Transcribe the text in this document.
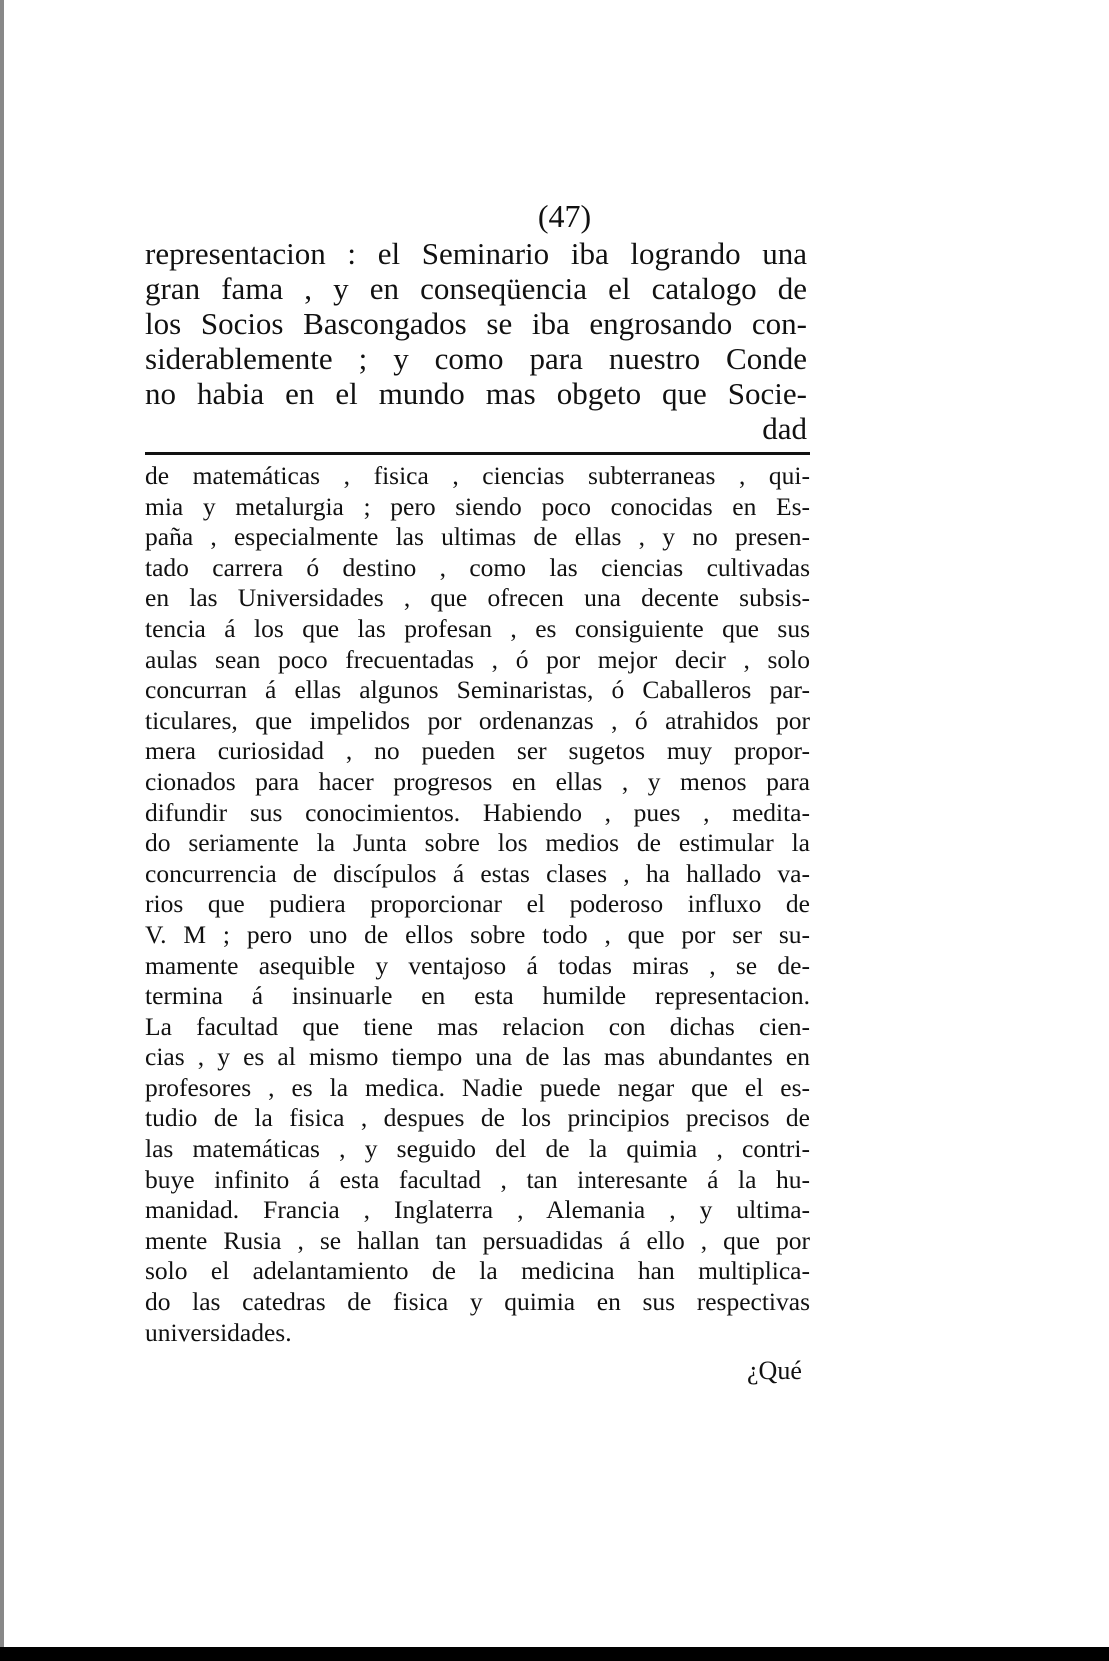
(47)
representacion : el Seminario iba logrando una
gran fama , y en conseqüencia el catalogo de
los Socios Bascongados se iba engrosando con-
siderablemente ; y como para nuestro Conde
no habia en el mundo mas obgeto que Socie-
dad
de matemáticas , fisica , ciencias subterraneas , qui-
mia y metalurgia ; pero siendo poco conocidas en Es-
paña , especialmente las ultimas de ellas , y no presen-
tado carrera ó destino , como las ciencias cultivadas
en las Universidades , que ofrecen una decente subsis-
tencia á los que las profesan , es consiguiente que sus
aulas sean poco frecuentadas , ó por mejor decir , solo
concurran á ellas algunos Seminaristas, ó Caballeros par-
ticulares, que impelidos por ordenanzas , ó atrahidos por
mera curiosidad , no pueden ser sugetos muy propor-
cionados para hacer progresos en ellas , y menos para
difundir sus conocimientos. Habiendo , pues , medita-
do seriamente la Junta sobre los medios de estimular la
concurrencia de discípulos á estas clases , ha hallado va-
rios que pudiera proporcionar el poderoso influxo de
V. M ; pero uno de ellos sobre todo , que por ser su-
mamente asequible y ventajoso á todas miras , se de-
termina á insinuarle en esta humilde representacion.
La facultad que tiene mas relacion con dichas cien-
cias , y es al mismo tiempo una de las mas abundantes en
profesores , es la medica. Nadie puede negar que el es-
tudio de la fisica , despues de los principios precisos de
las matemáticas , y seguido del de la quimia , contri-
buye infinito á esta facultad , tan interesante á la hu-
manidad. Francia , Inglaterra , Alemania , y ultima-
mente Rusia , se hallan tan persuadidas á ello , que por
solo el adelantamiento de la medicina han multiplica-
do las catedras de fisica y quimia en sus respectivas
universidades.
¿Qué
